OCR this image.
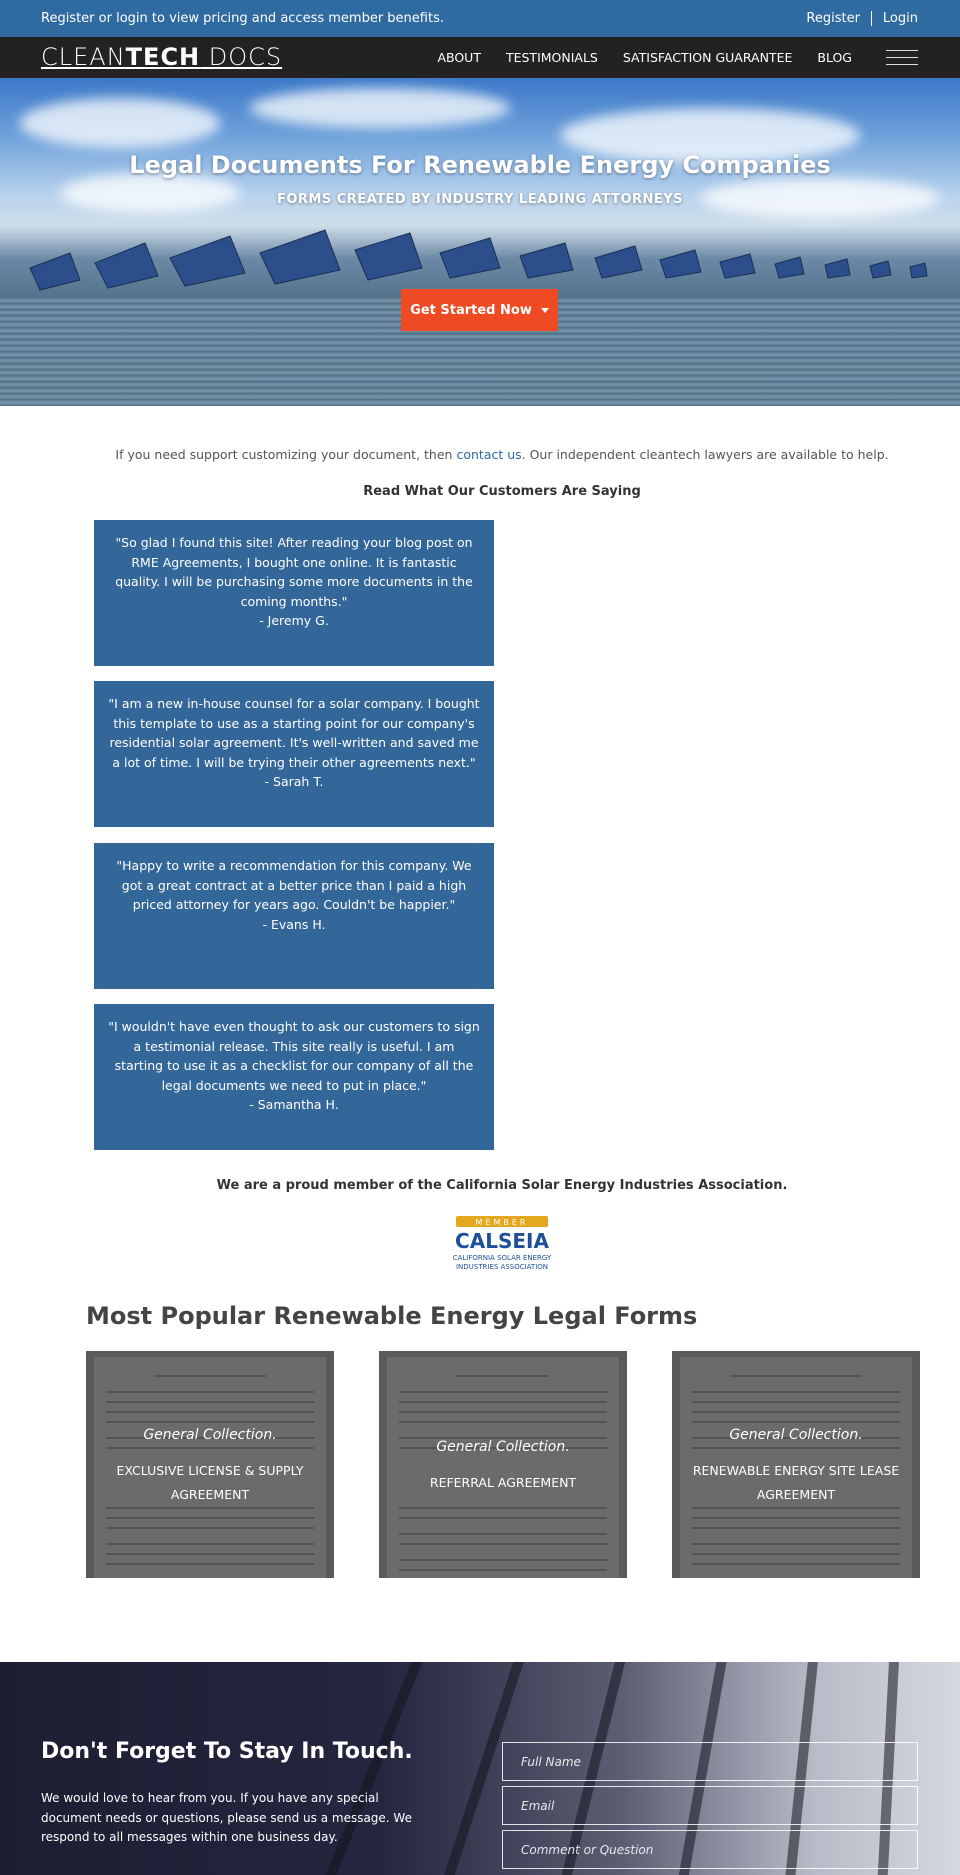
Register or login to view pricing and access member benefits.	Register Login
CLEANTECH DOCS	ABOUT TESTIMONIALS SATISFACTION GUARANTEE BLOG
Legal Documents For Renewable Energy Companies
FORMS CREATED BY INDUSTRY LEADING ATTORNEYS
Get Started Now
If you need support customizing your document, then contact us. Our independent cleantech lawyers are available to help.
Read What Our Customers Are Saying
"So glad I found this site! After reading your blog post on RME Agreements, I bought one online. It is fantastic quality. I will be purchasing some more documents in the coming months."
- Jeremy G.
"I am a new in-house counsel for a solar company. I bought this template to use as a starting point for our company's residential solar agreement. It's well-written and saved me a lot of time. I will be trying their other agreements next."
- Sarah T.
"Happy to write a recommendation for this company. We got a great contract at a better price than I paid a high priced attorney for years ago. Couldn't be happier."
- Evans H.
"I wouldn't have even thought to ask our customers to sign a testimonial release. This site really is useful. I am starting to use it as a checklist for our company of all the legal documents we need to put in place."
- Samantha H.
We are a proud member of the California Solar Energy Industries Association.
MEMBER
CALSEIA
CALIFORNIA SOLAR ENERGY
INDUSTRIES ASSOCIATION
Most Popular Renewable Energy Legal Forms
General Collection.
EXCLUSIVE LICENSE & SUPPLY AGREEMENT
General Collection.
REFERRAL AGREEMENT
General Collection.
RENEWABLE ENERGY SITE LEASE AGREEMENT
Don't Forget To Stay In Touch.

We would love to hear from you. If you have any special document needs or questions, please send us a message. We respond to all messages within one business day.

Full Name
Email
Comment or Question
